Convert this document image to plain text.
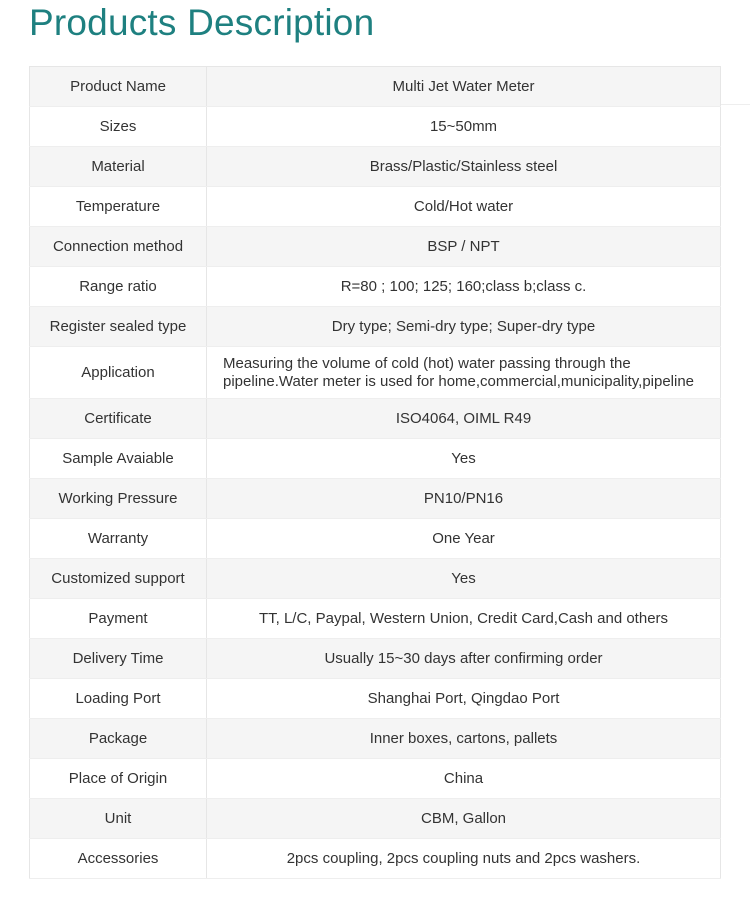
Products Description
Product Name	Multi Jet Water Meter
Sizes	15~50mm
Material	Brass/Plastic/Stainless steel
Temperature	Cold/Hot water
Connection method	BSP / NPT
Range ratio	R=80 ; 100; 125; 160;class b;class c.
Register sealed type	Dry type; Semi-dry type; Super-dry type
Application	Measuring the volume of cold (hot) water passing through the
pipeline.Water meter is used for home,commercial,municipality,pipeline
Certificate	ISO4064, OIML R49
Sample Avaiable	Yes
Working Pressure	PN10/PN16
Warranty	One Year
Customized support	Yes
Payment	TT, L/C, Paypal, Western Union, Credit Card,Cash and others
Delivery Time	Usually 15~30 days after confirming order
Loading Port	Shanghai Port, Qingdao Port
Package	Inner boxes, cartons, pallets
Place of Origin	China
Unit	CBM, Gallon
Accessories	2pcs coupling, 2pcs coupling nuts and 2pcs washers.
